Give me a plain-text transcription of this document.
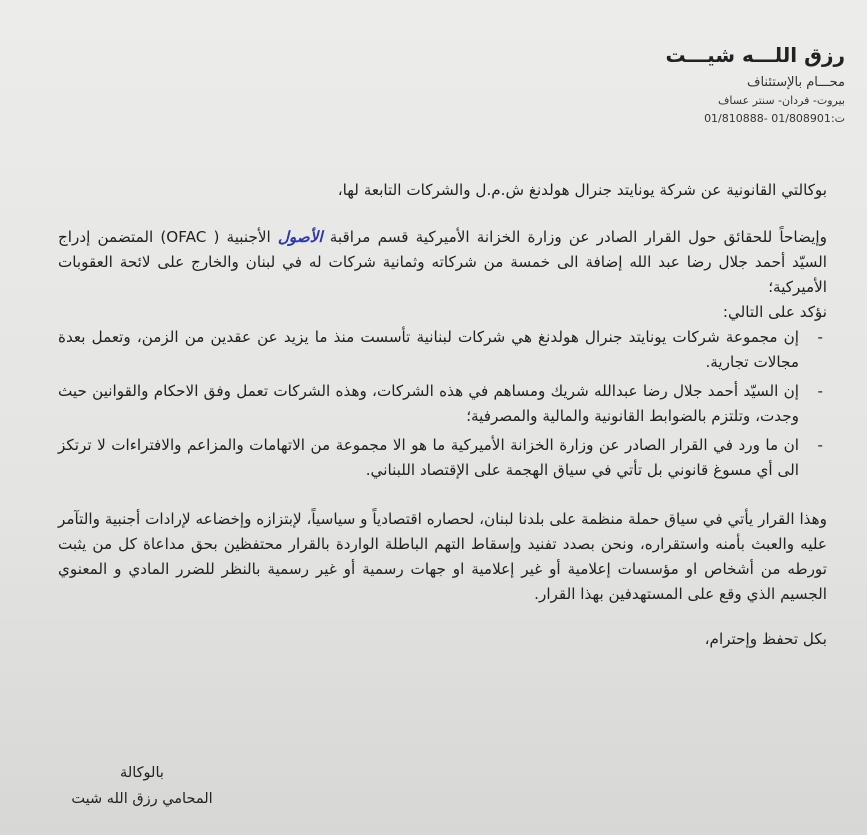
رزق اللـــه شيـــت

محـــام بالإستئناف

بيروت- فردان- سنتر عساف

ت:01/808901 -01/810888

بوكالتي القانونية عن شركة يونايتد جنرال هولدنغ ش.م.ل والشركات التابعة لها،

وإيضاحاً للحقائق حول القرار الصادر عن وزارة الخزانة الأميركية قسم مراقبة الأصول الأجنبية ( OFAC) المتضمن إدراج السيّد أحمد جلال رضا عبد الله إضافة الى خمسة من شركاته وثمانية شركات له في لبنان والخارج على لائحة العقوبات الأميركية؛

نؤكد على التالي:

-
إن مجموعة شركات يونايتد جنرال هولدنغ هي شركات لبنانية تأسست منذ ما يزيد عن عقدين من الزمن، وتعمل بعدة مجالات تجارية.
-
إن السيّد أحمد جلال رضا عبدالله شريك ومساهم في هذه الشركات، وهذه الشركات تعمل وفق الاحكام والقوانين حيث وجدت، وتلتزم بالضوابط القانونية والمالية والمصرفية؛
-
ان ما ورد في القرار الصادر عن وزارة الخزانة الأميركية ما هو الا مجموعة من الاتهامات والمزاعم والافتراءات لا ترتكز الى أي مسوغ قانوني بل تأتي في سياق الهجمة على الإقتصاد اللبناني.

وهذا القرار يأتي في سياق حملة منظمة على بلدنا لبنان، لحصاره اقتصادياً و سياسياً، لإبتزازه وإخضاعه لإرادات أجنبية والتآمر عليه والعبث بأمنه واستقراره، ونحن بصدد تفنيد وإسقاط التهم الباطلة الواردة بالقرار محتفظين بحق مداعاة كل من يثبت تورطه من أشخاص او مؤسسات إعلامية أو غير إعلامية او جهات رسمية أو غير رسمية بالنظر للضرر المادي و المعنوي الجسيم الذي وقع على المستهدفين بهذا القرار.

بكل تحفظ وإحترام،

بالوكالة

المحامي رزق الله شيت
